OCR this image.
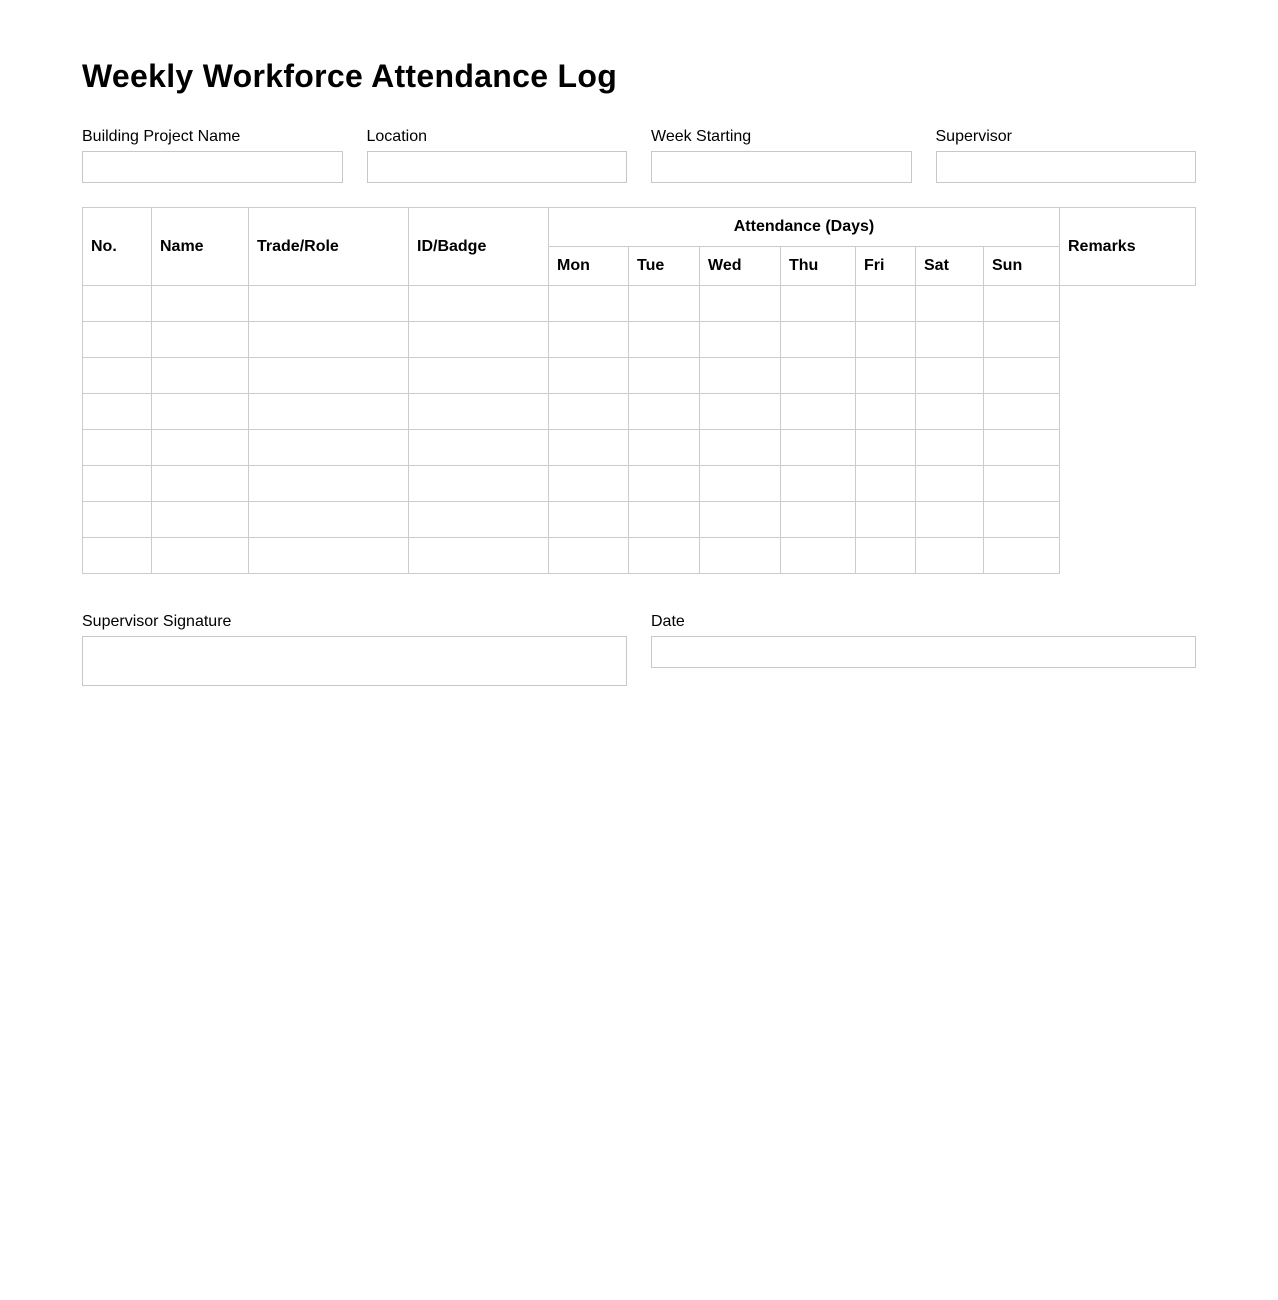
Weekly Workforce Attendance Log
Building Project Name	Location	Week Starting	Supervisor
No.	Name	Trade/Role	ID/Badge	Attendance (Days)							Remarks
				Mon	Tue	Wed	Thu	Fri	Sat	Sun	

Supervisor Signature	Date
